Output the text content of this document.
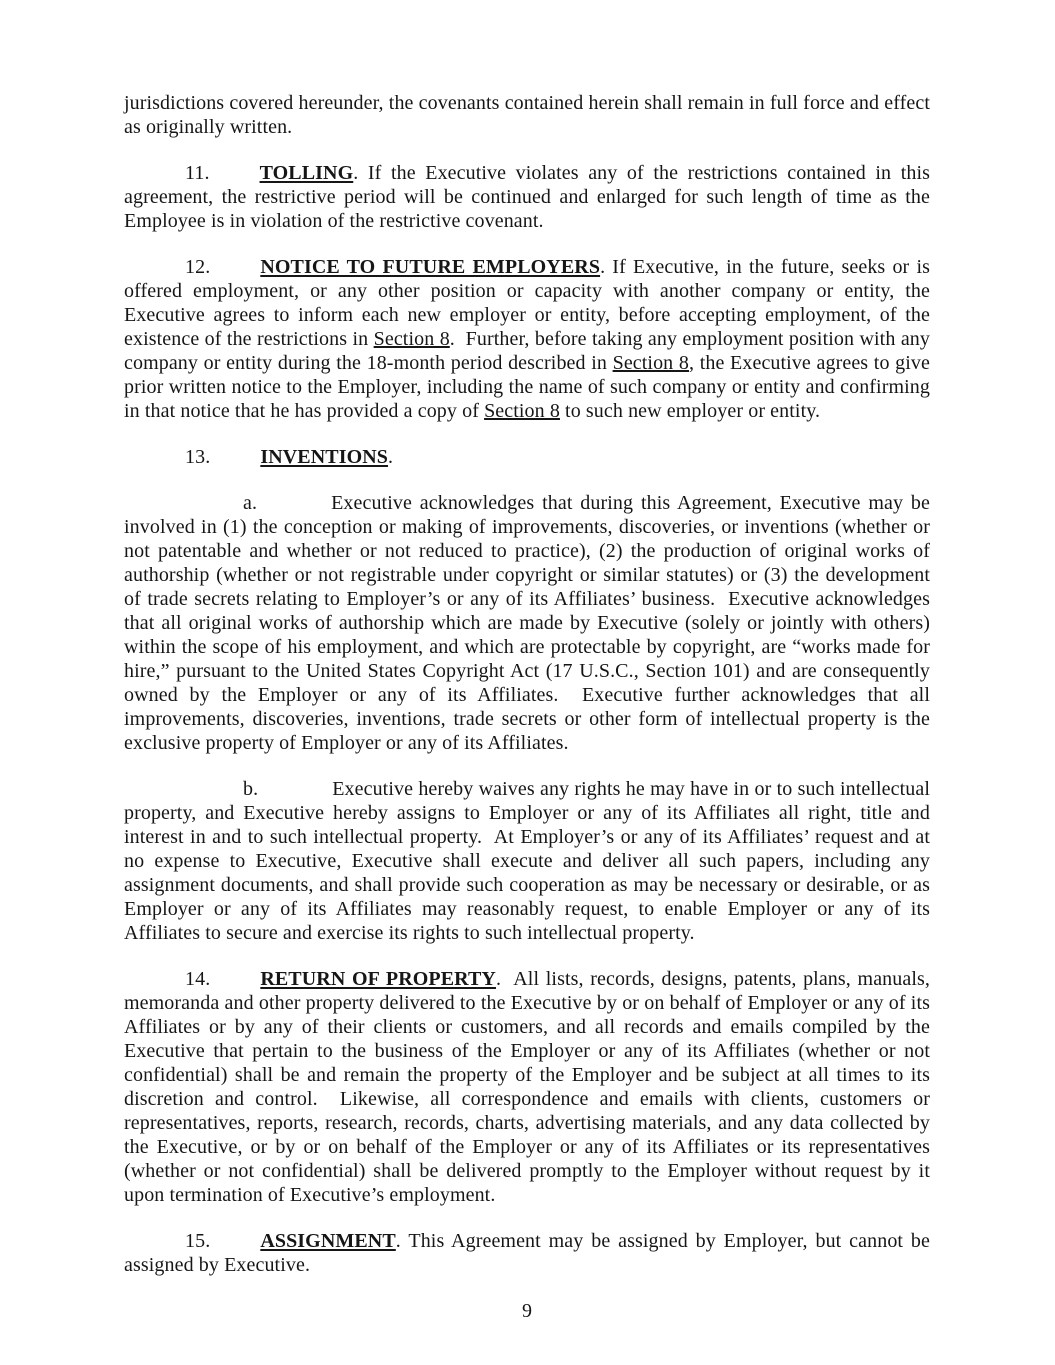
jurisdictions covered hereunder, the covenants contained herein shall remain in full force and effect as originally written.

11.	TOLLING. If the Executive violates any of the restrictions contained in this agreement, the restrictive period will be continued and enlarged for such length of time as the Employee is in violation of the restrictive covenant.

12.	NOTICE TO FUTURE EMPLOYERS. If Executive, in the future, seeks or is offered employment, or any other position or capacity with another company or entity, the Executive agrees to inform each new employer or entity, before accepting employment, of the existence of the restrictions in Section 8.  Further, before taking any employment position with any company or entity during the 18-month period described in Section 8, the Executive agrees to give prior written notice to the Employer, including the name of such company or entity and confirming in that notice that he has provided a copy of Section 8 to such new employer or entity.

13.	INVENTIONS.

a.	Executive acknowledges that during this Agreement, Executive may be involved in (1) the conception or making of improvements, discoveries, or inventions (whether or not patentable and whether or not reduced to practice), (2) the production of original works of authorship (whether or not registrable under copyright or similar statutes) or (3) the development of trade secrets relating to Employer’s or any of its Affiliates’ business.  Executive acknowledges that all original works of authorship which are made by Executive (solely or jointly with others) within the scope of his employment, and which are protectable by copyright, are “works made for hire,” pursuant to the United States Copyright Act (17 U.S.C., Section 101) and are consequently owned by the Employer or any of its Affiliates.  Executive further acknowledges that all improvements, discoveries, inventions, trade secrets or other form of intellectual property is the exclusive property of Employer or any of its Affiliates.

b.	Executive hereby waives any rights he may have in or to such intellectual property, and Executive hereby assigns to Employer or any of its Affiliates all right, title and interest in and to such intellectual property.  At Employer’s or any of its Affiliates’ request and at no expense to Executive, Executive shall execute and deliver all such papers, including any assignment documents, and shall provide such cooperation as may be necessary or desirable, or as Employer or any of its Affiliates may reasonably request, to enable Employer or any of its Affiliates to secure and exercise its rights to such intellectual property.

14.	RETURN OF PROPERTY.  All lists, records, designs, patents, plans, manuals, memoranda and other property delivered to the Executive by or on behalf of Employer or any of its Affiliates or by any of their clients or customers, and all records and emails compiled by the Executive that pertain to the business of the Employer or any of its Affiliates (whether or not confidential) shall be and remain the property of the Employer and be subject at all times to its discretion and control.  Likewise, all correspondence and emails with clients, customers or representatives, reports, research, records, charts, advertising materials, and any data collected by the Executive, or by or on behalf of the Employer or any of its Affiliates or its representatives (whether or not confidential) shall be delivered promptly to the Employer without request by it upon termination of Executive’s employment.

15.	ASSIGNMENT. This Agreement may be assigned by Employer, but cannot be assigned by Executive.

9
